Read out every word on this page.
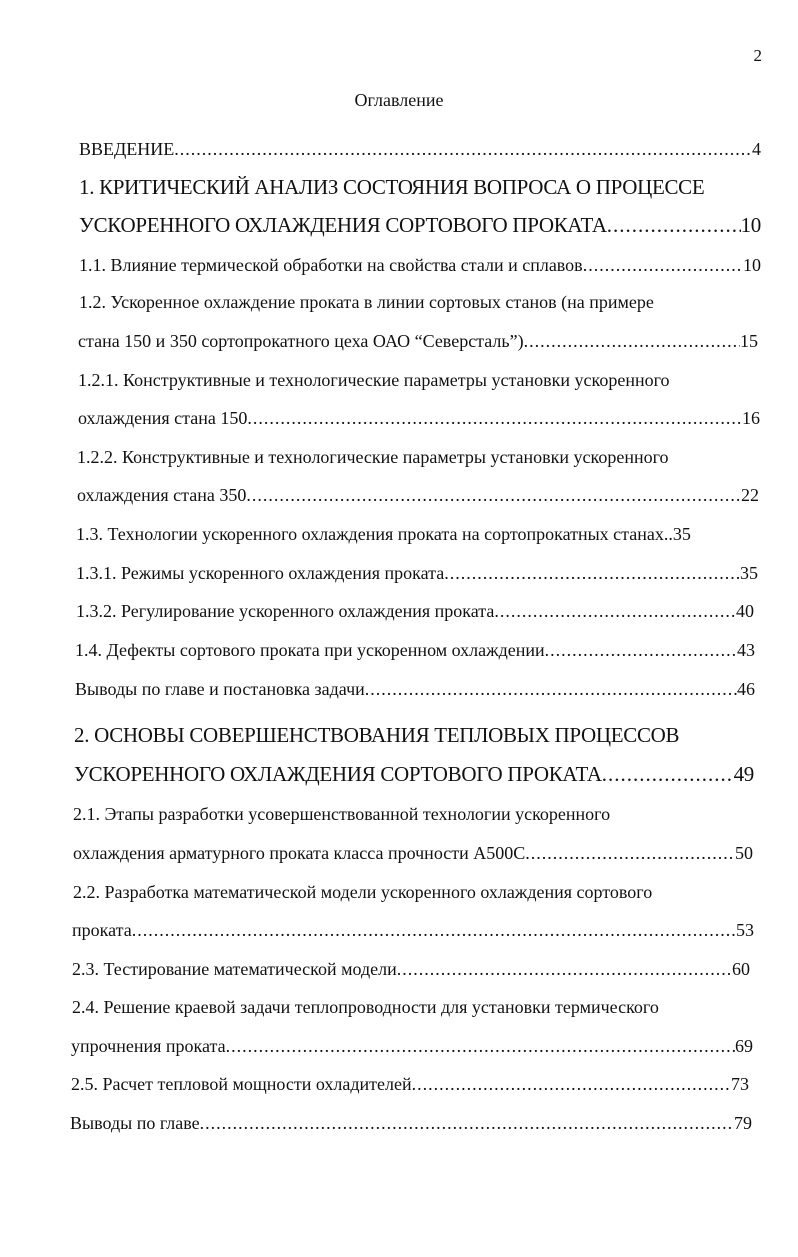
2
Оглавление
ВВЕДЕНИЕ .....	4
1. КРИТИЧЕСКИЙ АНАЛИЗ СОСТОЯНИЯ ВОПРОСА О ПРОЦЕССЕ
УСКОРЕННОГО ОХЛАЖДЕНИЯ СОРТОВОГО ПРОКАТА .....	10
1.1. Влияние термической обработки на свойства стали и сплавов .....	10
1.2. Ускоренное охлаждение проката в линии сортовых станов (на примере
стана 150 и 350 сортопрокатного цеха ОАО “Северсталь”) .....	15
1.2.1. Конструктивные и технологические параметры установки ускоренного
охлаждения стана 150 .....	16
1.2.2. Конструктивные и технологические параметры установки ускоренного
охлаждения стана 350 .....	22
1.3. Технологии ускоренного охлаждения проката на сортопрокатных станах.. 35
1.3.1. Режимы ускоренного охлаждения проката .....	35
1.3.2. Регулирование ускоренного охлаждения проката .....	40
1.4. Дефекты сортового проката при ускоренном охлаждении .....	43
Выводы по главе и постановка задачи .....	46
2. ОСНОВЫ СОВЕРШЕНСТВОВАНИЯ ТЕПЛОВЫХ ПРОЦЕССОВ
УСКОРЕННОГО ОХЛАЖДЕНИЯ СОРТОВОГО ПРОКАТА .....	49
2.1. Этапы разработки усовершенствованной технологии ускоренного
охлаждения арматурного проката класса прочности А500С .....	50
2.2. Разработка математической модели ускоренного охлаждения сортового
проката .....	53
2.3. Тестирование математической модели .....	60
2.4. Решение краевой задачи теплопроводности для установки термического
упрочнения проката .....	69
2.5. Расчет тепловой мощности охладителей .....	73
Выводы по главе .....	79
